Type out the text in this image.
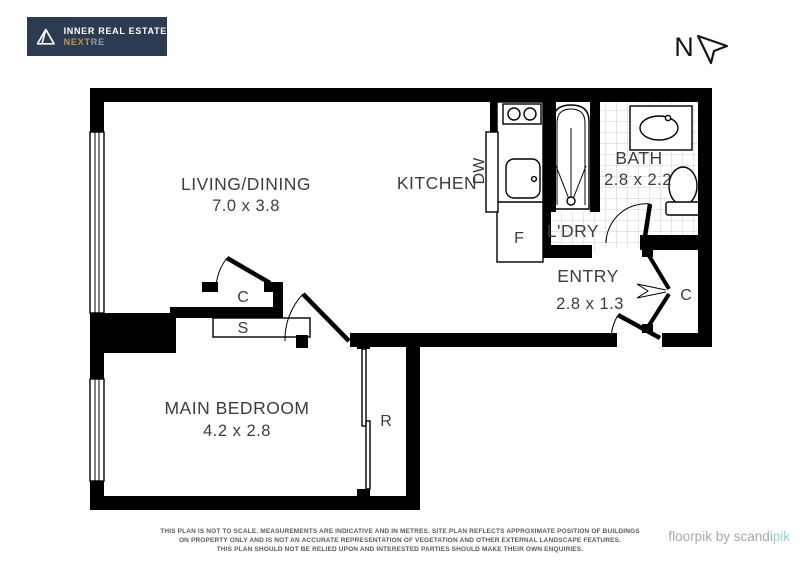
INNER REAL ESTATE
NEXTRE	N
LIVING/DINING
7.0 x 3.8
KITCHEN
BATH
2.8 x 2.2
L'DRY
ENTRY
2.8 x 1.3
MAIN BEDROOM
4.2 x 2.8
DW
F
C
S
R
C
THIS PLAN IS NOT TO SCALE. MEASUREMENTS ARE INDICATIVE AND IN METRES. SITE PLAN REFLECTS APPROXIMATE POSITION OF BUILDINGS
ON PROPERTY ONLY AND IS NOT AN ACCURATE REPRESENTATION OF VEGETATION AND OTHER EXTERNAL LANDSCAPE FEATURES.
THIS PLAN SHOULD NOT BE RELIED UPON AND INTERESTED PARTIES SHOULD MAKE THEIR OWN ENQUIRIES.
floorpik by scandipik
